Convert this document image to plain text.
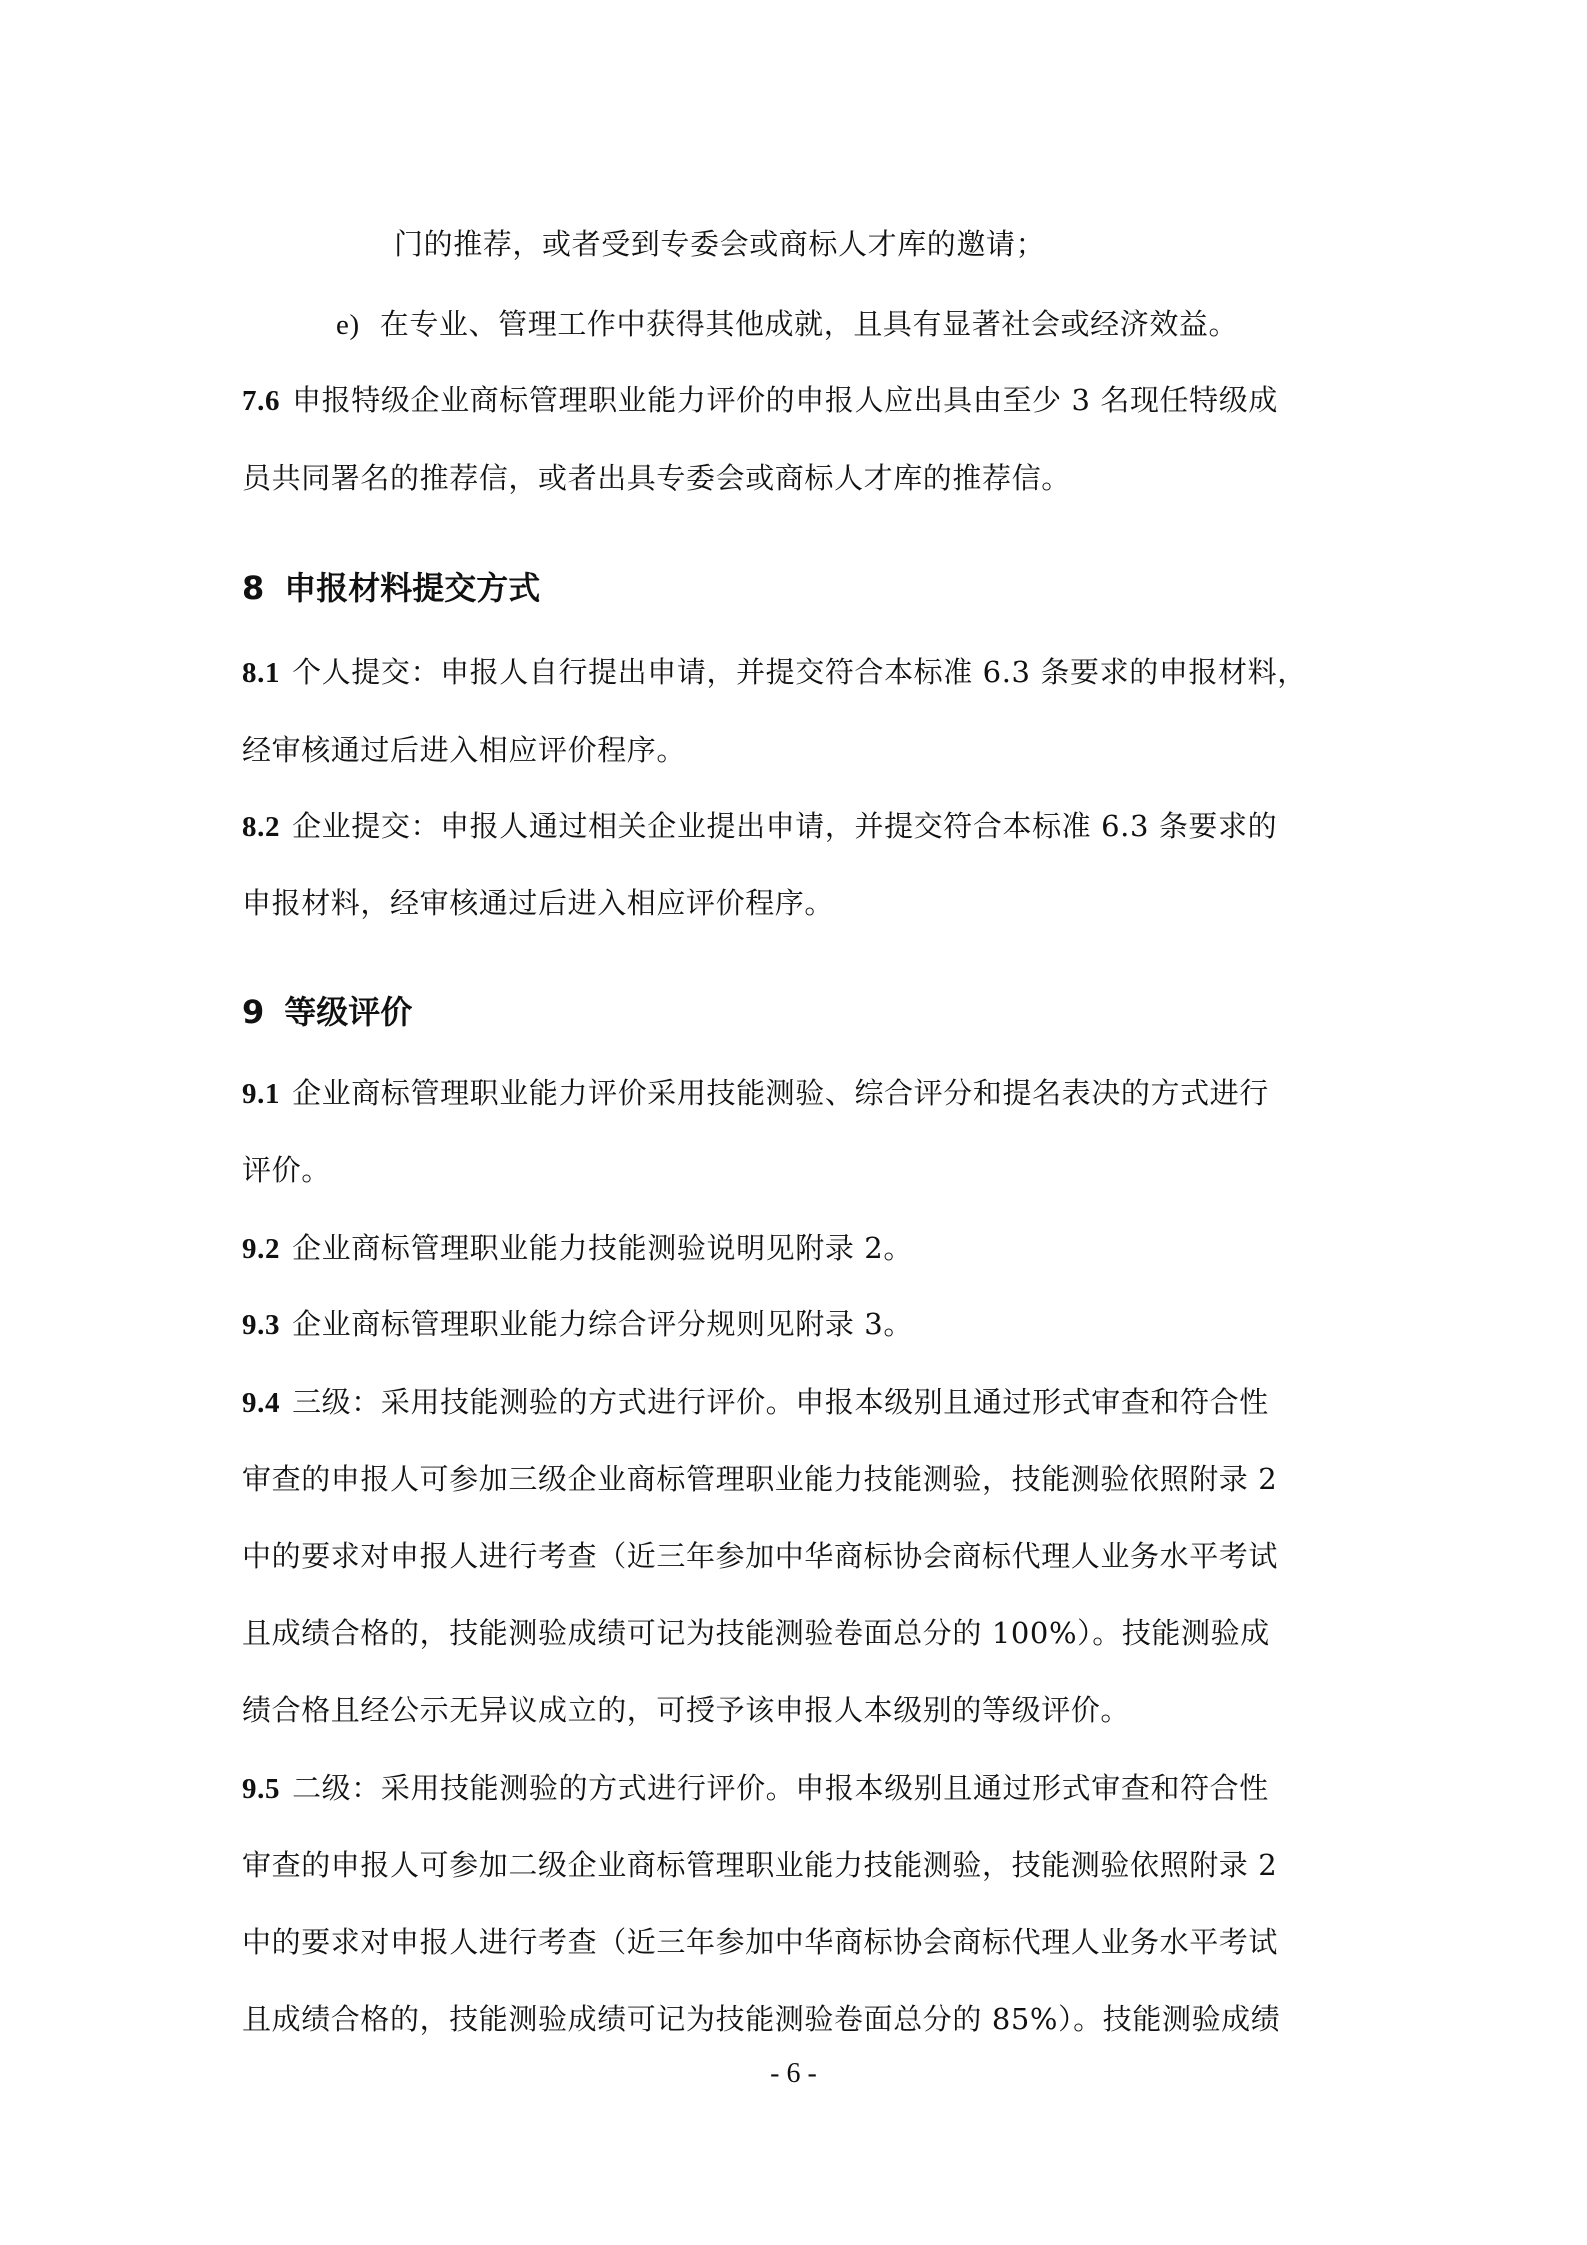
门的推荐，或者受到专委会或商标人才库的邀请；
e) 在专业、管理工作中获得其他成就，且具有显著社会或经济效益。
7.6 申报特级企业商标管理职业能力评价的申报人应出具由至少 3 名现任特级成
员共同署名的推荐信，或者出具专委会或商标人才库的推荐信。
8 申报材料提交方式
8.1 个人提交：申报人自行提出申请，并提交符合本标准 6.3 条要求的申报材料，
经审核通过后进入相应评价程序。
8.2 企业提交：申报人通过相关企业提出申请，并提交符合本标准 6.3 条要求的
申报材料，经审核通过后进入相应评价程序。
9 等级评价
9.1 企业商标管理职业能力评价采用技能测验、综合评分和提名表决的方式进行
评价。
9.2 企业商标管理职业能力技能测验说明见附录 2。
9.3 企业商标管理职业能力综合评分规则见附录 3。
9.4 三级：采用技能测验的方式进行评价。申报本级别且通过形式审查和符合性
审查的申报人可参加三级企业商标管理职业能力技能测验，技能测验依照附录 2
中的要求对申报人进行考查（近三年参加中华商标协会商标代理人业务水平考试
且成绩合格的，技能测验成绩可记为技能测验卷面总分的 100%）。技能测验成
绩合格且经公示无异议成立的，可授予该申报人本级别的等级评价。
9.5 二级：采用技能测验的方式进行评价。申报本级别且通过形式审查和符合性
审查的申报人可参加二级企业商标管理职业能力技能测验，技能测验依照附录 2
中的要求对申报人进行考查（近三年参加中华商标协会商标代理人业务水平考试
且成绩合格的，技能测验成绩可记为技能测验卷面总分的 85%）。技能测验成绩
- 6 -
